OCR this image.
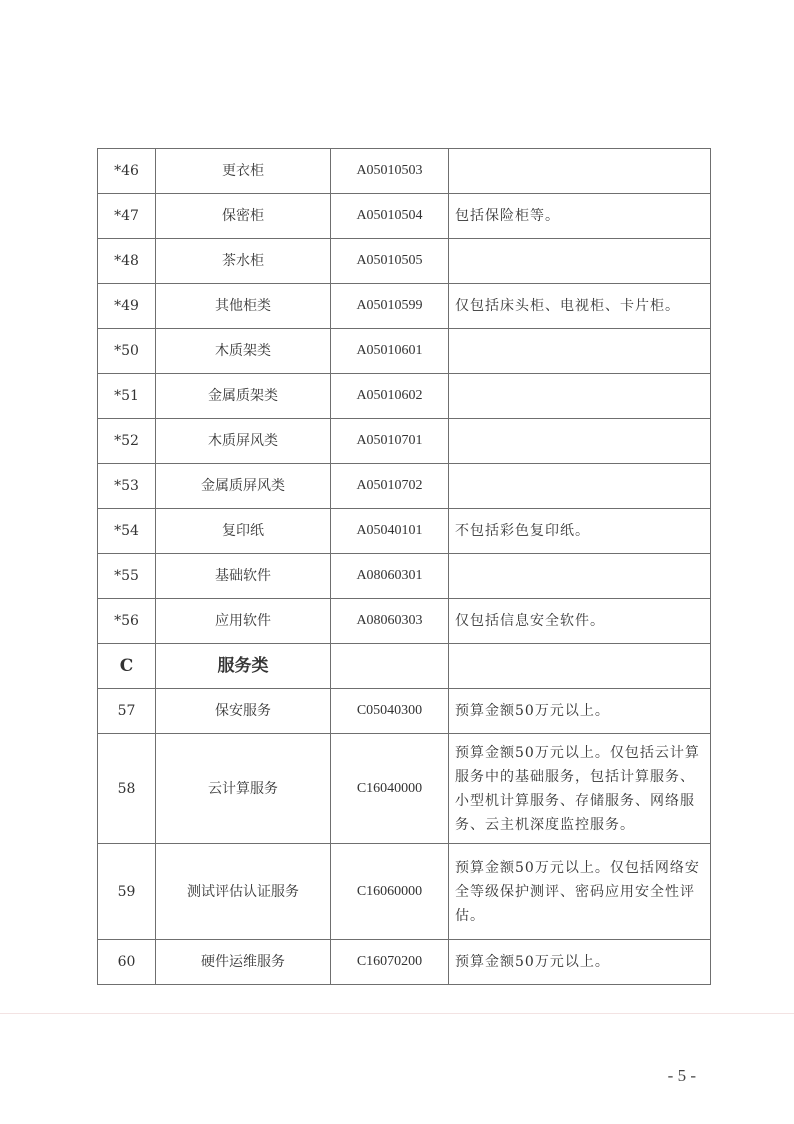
*46	更衣柜	A05010503	
*47	保密柜	A05010504	包括保险柜等。
*48	茶水柜	A05010505	
*49	其他柜类	A05010599	仅包括床头柜、电视柜、卡片柜。
*50	木质架类	A05010601	
*51	金属质架类	A05010602	
*52	木质屏风类	A05010701	
*53	金属质屏风类	A05010702	
*54	复印纸	A05040101	不包括彩色复印纸。
*55	基础软件	A08060301	
*56	应用软件	A08060303	仅包括信息安全软件。
C	服务类		
57	保安服务	C05040300	预算金额50万元以上。
58	云计算服务	C16040000	预算金额50万元以上。仅包括云计算服务中的基础服务，包括计算服务、小型机计算服务、存储服务、网络服务、云主机深度监控服务。
59	测试评估认证服务	C16060000	预算金额50万元以上。仅包括网络安全等级保护测评、密码应用安全性评估。
60	硬件运维服务	C16070200	预算金额50万元以上。
- 5 -
